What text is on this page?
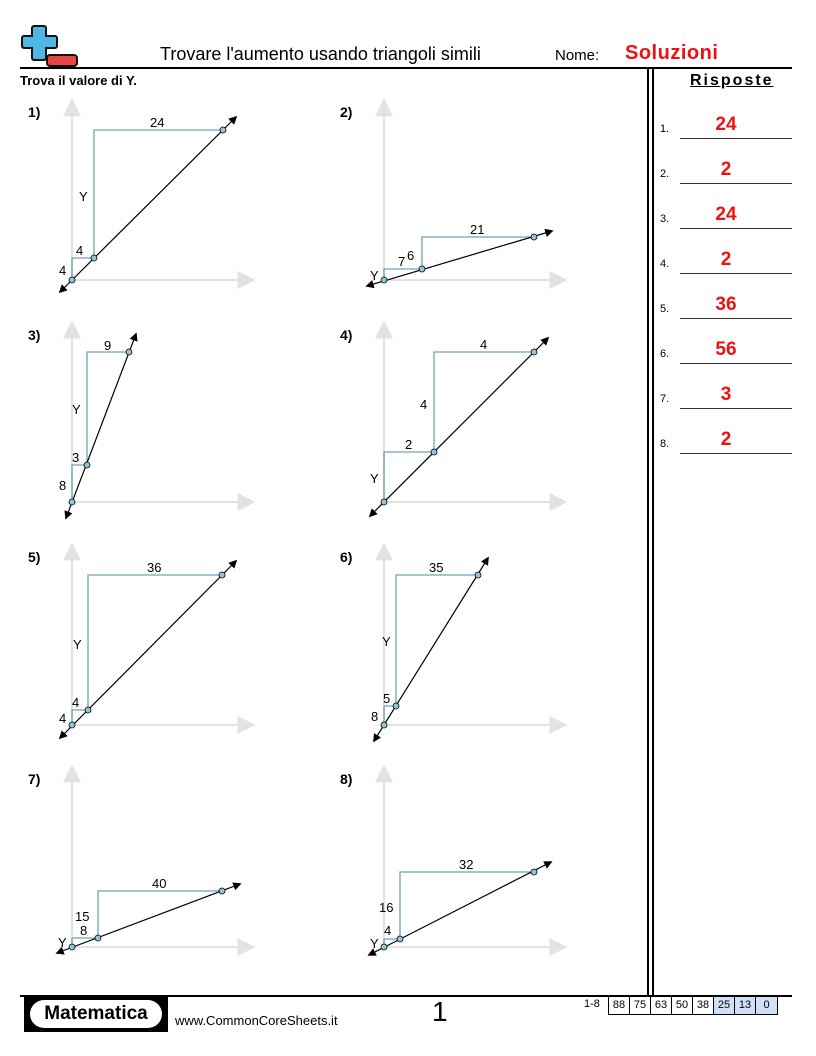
Trovare l'aumento usando triangoli simili	Nome: Soluzioni
Trova il valore di Y.
1)	2)
3)	4)
5)	6)
7)	8)
4
4
Y
24
Y
7 6
21
8
3
Y
9
Y
2
4
4
4
4
Y
36
8
5
Y
35
Y
8
15
40
Y
4
16
32
Risposte
1.	24
2.	2
3.	24
4.	2
5.	36
6.	56
7.	3
8.	2
Matematica	www.CommonCoreSheets.it	1	1-8	88 75 63 50 38 25 13	0
